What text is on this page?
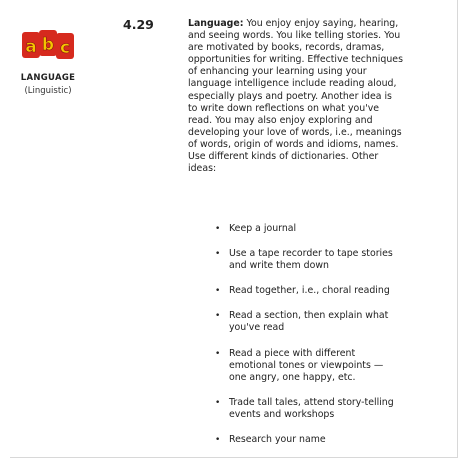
a b c
LANGUAGE
(Linguistic)
4.29	Language: You enjoy enjoy saying, hearing, and seeing words. You like telling stories. You are motivated by books, records, dramas, opportunities for writing. Effective techniques of enhancing your learning using your language intelligence include reading aloud, especially plays and poetry. Another idea is to write down reflections on what you've read. You may also enjoy exploring and developing your love of words, i.e., meanings of words, origin of words and idioms, names. Use different kinds of dictionaries. Other ideas:

• Keep a journal
• Use a tape recorder to tape stories and write them down
• Read together, i.e., choral reading
• Read a section, then explain what you've read
• Read a piece with different emotional tones or viewpoints — one angry, one happy, etc.
• Trade tall tales, attend story-telling events and workshops
• Research your name
